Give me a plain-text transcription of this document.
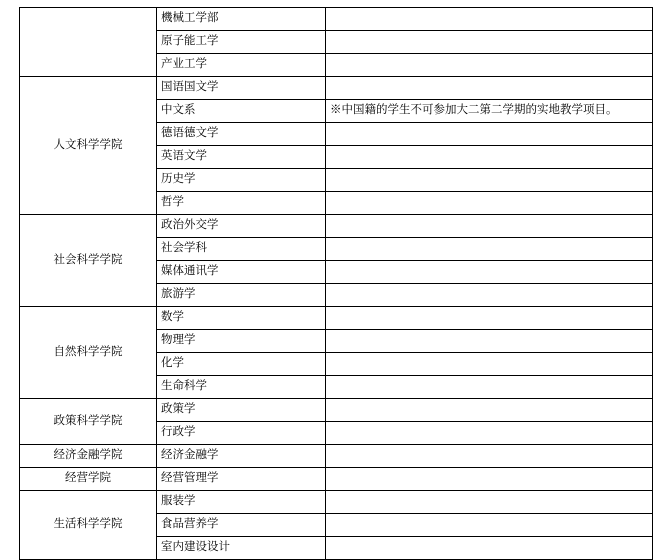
	機械工学部	
	原子能工学	
	产业工学	
人文科学学院	国语国文学	
	中文系	※中国籍的学生不可参加大二第二学期的实地教学项目。
	德语德文学	
	英语文学	
	历史学	
	哲学	
社会科学学院	政治外交学	
	社会学科	
	媒体通讯学	
	旅游学	
自然科学学院	数学	
	物理学	
	化学	
	生命科学	
政策科学学院	政策学	
	行政学	
经济金融学院	经济金融学	
经营学院	经营管理学	
生活科学学院	服装学	
	食品营养学	
	室内建设设计	
